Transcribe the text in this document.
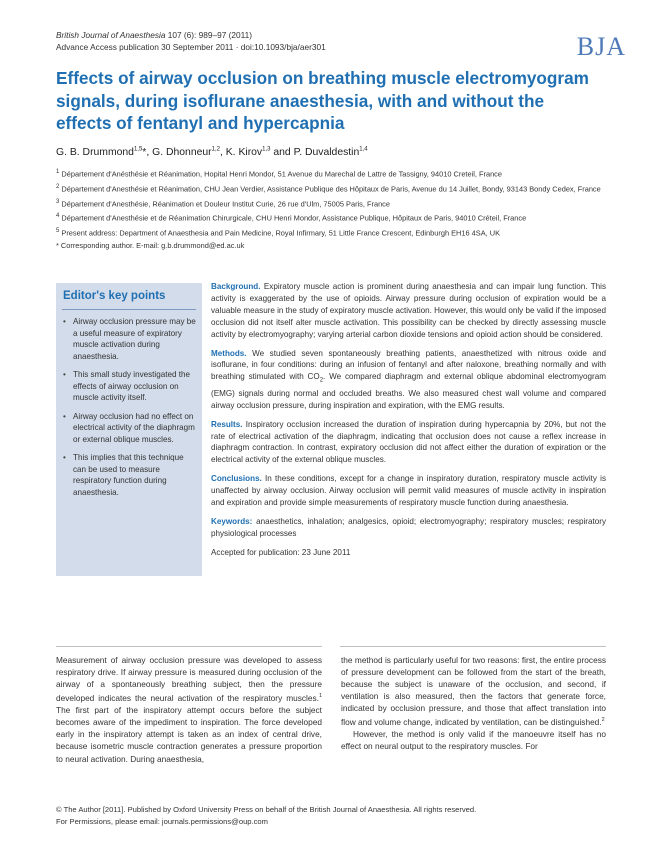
British Journal of Anaesthesia 107 (6): 989–97 (2011)
Advance Access publication 30 September 2011 · doi:10.1093/bja/aer301	BJA
Effects of airway occlusion on breathing muscle electromyogram signals, during isoflurane anaesthesia, with and without the effects of fentanyl and hypercapnia
G. B. Drummond$^{1,5}$*, G. Dhonneur$^{1,2}$, K. Kirov$^{1,3}$ and P. Duvaldestin$^{1,4}$

$^1$ Département d'Anésthésie et Réanimation, Hopital Henri Mondor, 51 Avenue du Marechal de Lattre de Tassigny, 94010 Creteil, France

$^2$ Département d'Anesthésie et Réanimation, CHU Jean Verdier, Assistance Publique des Hôpitaux de Paris, Avenue du 14 Juillet, Bondy, 93143 Bondy Cedex, France

$^3$ Département d'Anesthésie, Réanimation et Douleur Institut Curie, 26 rue d'Ulm, 75005 Paris, France

$^4$ Département d'Anesthésie et de Réanimation Chirurgicale, CHU Henri Mondor, Assistance Publique, Hôpitaux de Paris, 94010 Créteil, France

$^5$ Present address: Department of Anaesthesia and Pain Medicine, Royal Infirmary, 51 Little France Crescent, Edinburgh EH16 4SA, UK

* Corresponding author. E-mail: g.b.drummond@ed.ac.uk

Editor's key points
• Airway occlusion pressure may be a useful measure of expiratory muscle activation during anaesthesia.
• This small study investigated the effects of airway occlusion on muscle activity itself.
• Airway occlusion had no effect on electrical activity of the diaphragm or external oblique muscles.
• This implies that this technique can be used to measure respiratory function during anaesthesia.

Background. Expiratory muscle action is prominent during anaesthesia and can impair lung function. This activity is exaggerated by the use of opioids. Airway pressure during occlusion of expiration would be a valuable measure in the study of expiratory muscle activation. However, this would only be valid if the imposed occlusion did not itself alter muscle activation. This possibility can be checked by directly assessing muscle activity by electromyography; varying arterial carbon dioxide tensions and opioid action should be considered.

Methods. We studied seven spontaneously breathing patients, anaesthetized with nitrous oxide and isoflurane, in four conditions: during an infusion of fentanyl and after naloxone, breathing normally and with breathing stimulated with $CO_2$. We compared diaphragm and external oblique abdominal electromyogram (EMG) signals during normal and occluded breaths. We also measured chest wall volume and compared airway occlusion pressure, during inspiration and expiration, with the EMG results.

Results. Inspiratory occlusion increased the duration of inspiration during hypercapnia by 20%, but not the rate of electrical activation of the diaphragm, indicating that occlusion does not cause a reflex increase in diaphragm contraction. In contrast, expiratory occlusion did not affect either the duration of expiration or the electrical activity of the external oblique muscles.

Conclusions. In these conditions, except for a change in inspiratory duration, respiratory muscle activity is unaffected by airway occlusion. Airway occlusion will permit valid measures of muscle activity in inspiration and expiration and provide simple measurements of respiratory muscle function during anaesthesia.

Keywords: anaesthetics, inhalation; analgesics, opioid; electromyography; respiratory muscles; respiratory physiological processes

Accepted for publication: 23 June 2011

Measurement of airway occlusion pressure was developed to assess respiratory drive. If airway pressure is measured during occlusion of the airway of a spontaneously breathing subject, then the pressure developed indicates the neural activation of the respiratory muscles.$^1$ The first part of the inspiratory attempt occurs before the subject becomes aware of the impediment to inspiration. The force developed early in the inspiratory attempt is taken as an index of central drive, because isometric muscle contraction generates a pressure proportion to neural activation. During anaesthesia,

the method is particularly useful for two reasons: first, the entire process of pressure development can be followed from the start of the breath, because the subject is unaware of the occlusion, and second, if ventilation is also measured, then the factors that generate force, indicated by occlusion pressure, and those that affect translation into flow and volume change, indicated by ventilation, can be distinguished.$^2$

However, the method is only valid if the manoeuvre itself has no effect on neural output to the respiratory muscles. For

© The Author [2011]. Published by Oxford University Press on behalf of the British Journal of Anaesthesia. All rights reserved.
For Permissions, please email: journals.permissions@oup.com
